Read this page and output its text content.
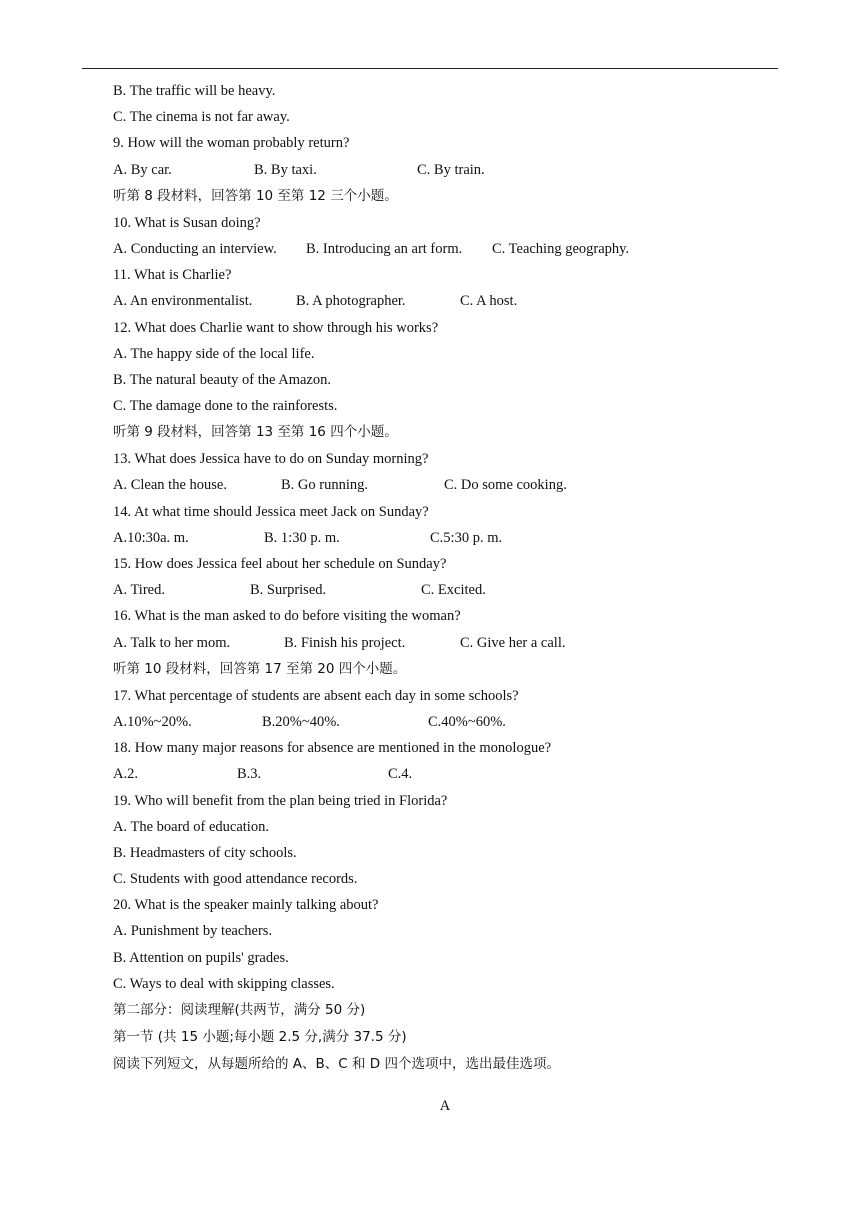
B. The traffic will be heavy.
C. The cinema is not far away.
9. How will the woman probably return?
A. By car.	B. By taxi.	C. By train.
听第 8 段材料，回答第 10 至第 12 三个小题。
10. What is Susan doing?
A. Conducting an interview. B. Introducing an art form. C. Teaching geography.
11. What is Charlie?
A. An environmentalist.	B. A photographer.	C. A host.
12. What does Charlie want to show through his works?
A. The happy side of the local life.
B. The natural beauty of the Amazon.
C. The damage done to the rainforests.
听第 9 段材料，回答第 13 至第 16 四个小题。
13. What does Jessica have to do on Sunday morning?
A. Clean the house.	B. Go running.	C. Do some cooking.
14. At what time should Jessica meet Jack on Sunday?
A.10:30a. m.	B. 1:30 p. m.	C.5:30 p. m.
15. How does Jessica feel about her schedule on Sunday?
A. Tired.	B. Surprised.	C. Excited.
16. What is the man asked to do before visiting the woman?
A. Talk to her mom.	B. Finish his project.	C. Give her a call.
听第 10 段材料，回答第 17 至第 20 四个小题。
17. What percentage of students are absent each day in some schools?
A.10%~20%.	B.20%~40%.	C.40%~60%.
18. How many major reasons for absence are mentioned in the monologue?
A.2.	B.3.	C.4.
19. Who will benefit from the plan being tried in Florida?
A. The board of education.
B. Headmasters of city schools.
C. Students with good attendance records.
20. What is the speaker mainly talking about?
A. Punishment by teachers.
B. Attention on pupils' grades.
C. Ways to deal with skipping classes.
第二部分：阅读理解(共两节，满分 50 分)
第一节 (共 15 小题;每小题 2.5 分,满分 37.5 分)
阅读下列短文，从每题所给的 A、B、C 和 D 四个选项中，选出最佳选项。
A
